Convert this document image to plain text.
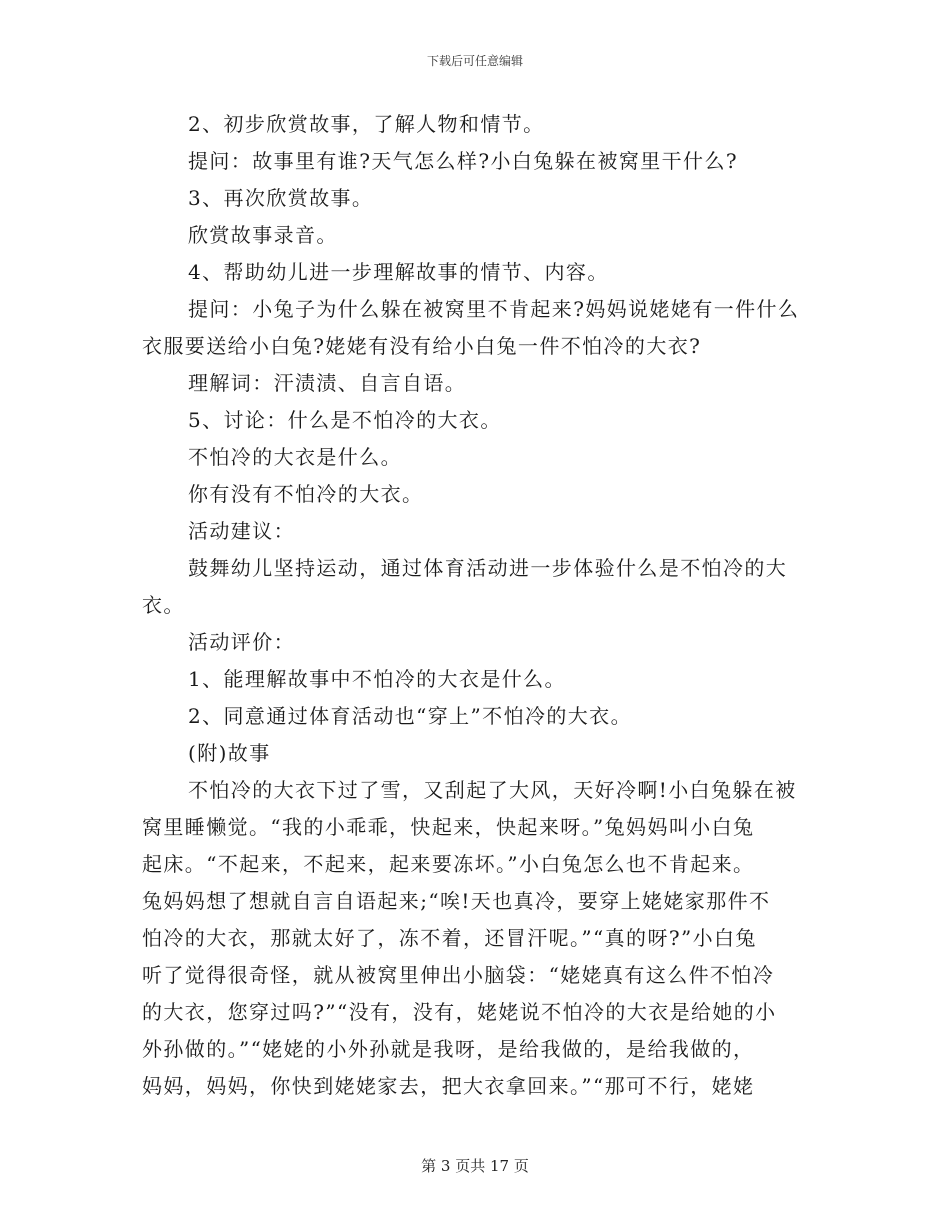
下载后可任意编辑
2、初步欣赏故事，了解人物和情节。
提问：故事里有谁?天气怎么样?小白兔躲在被窝里干什么?
3、再次欣赏故事。
欣赏故事录音。
4、帮助幼儿进一步理解故事的情节、内容。
提问：小兔子为什么躲在被窝里不肯起来?妈妈说姥姥有一件什么
衣服要送给小白兔?姥姥有没有给小白兔一件不怕冷的大衣?
理解词：汗渍渍、自言自语。
5、讨论：什么是不怕冷的大衣。
不怕冷的大衣是什么。
你有没有不怕冷的大衣。
活动建议：
鼓舞幼儿坚持运动，通过体育活动进一步体验什么是不怕冷的大
衣。
活动评价：
1、能理解故事中不怕冷的大衣是什么。
2、同意通过体育活动也“穿上”不怕冷的大衣。
(附)故事
不怕冷的大衣下过了雪，又刮起了大风，天好冷啊!小白兔躲在被
窝里睡懒觉。“我的小乖乖，快起来，快起来呀。”兔妈妈叫小白兔
起床。“不起来，不起来，起来要冻坏。”小白兔怎么也不肯起来。
兔妈妈想了想就自言自语起来;“唉!天也真冷，要穿上姥姥家那件不
怕冷的大衣，那就太好了，冻不着，还冒汗呢。”“真的呀?”小白兔
听了觉得很奇怪，就从被窝里伸出小脑袋：“姥姥真有这么件不怕冷
的大衣，您穿过吗?”“没有，没有，姥姥说不怕冷的大衣是给她的小
外孙做的。”“姥姥的小外孙就是我呀，是给我做的，是给我做的，
妈妈，妈妈，你快到姥姥家去，把大衣拿回来。”“那可不行，姥姥
第 3 页共 17 页
